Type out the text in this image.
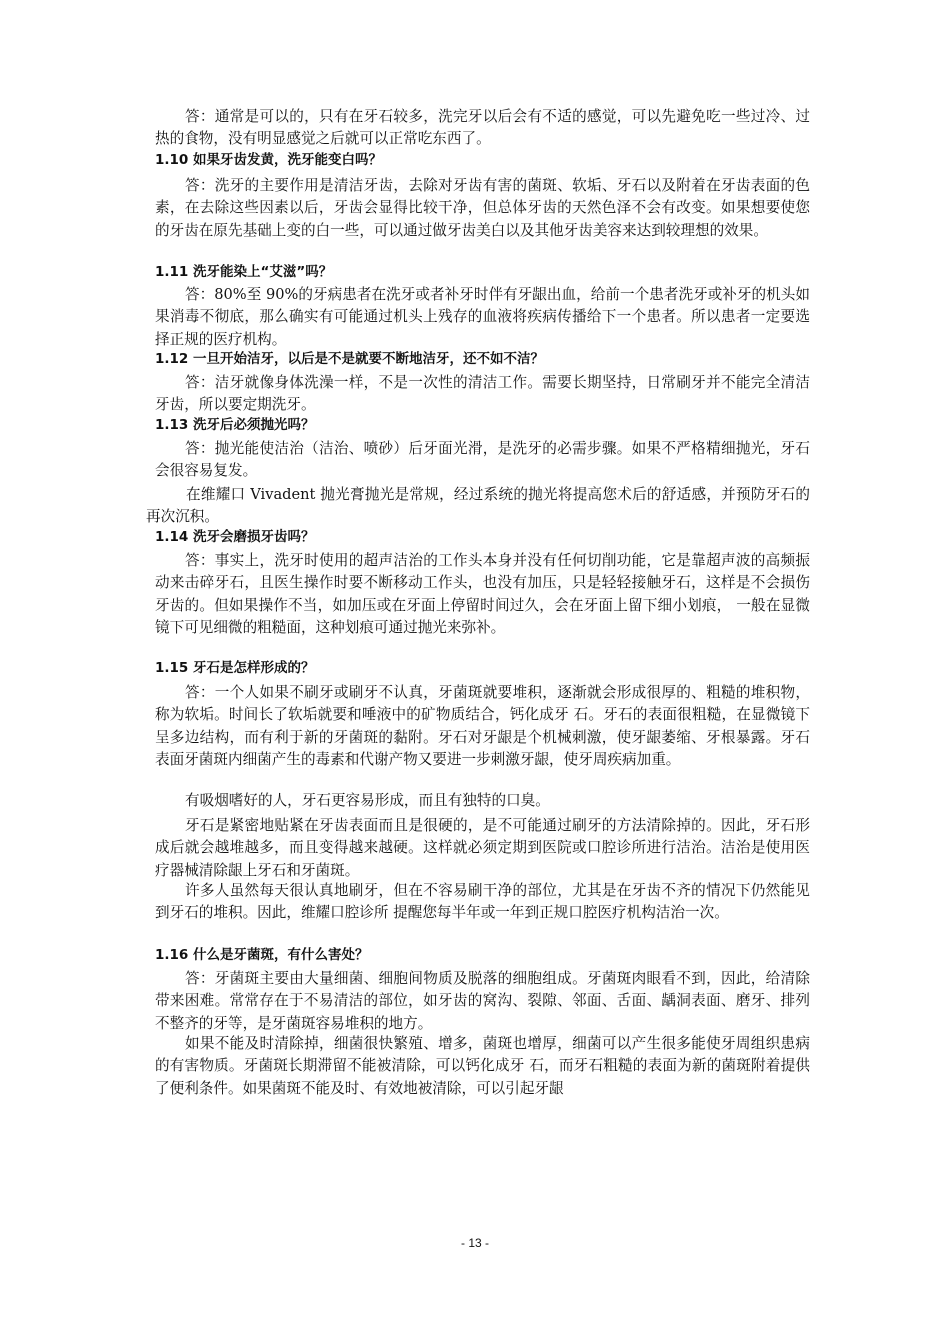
答：通常是可以的，只有在牙石较多，洗完牙以后会有不适的感觉，可以先避免吃一些过冷、过热的食物，没有明显感觉之后就可以正常吃东西了。

1.10 如果牙齿发黄，洗牙能变白吗？

答：洗牙的主要作用是清洁牙齿，去除对牙齿有害的菌斑、软垢、牙石以及附着在牙齿表面的色素，在去除这些因素以后，牙齿会显得比较干净，但总体牙齿的天然色泽不会有改变。如果想要使您的牙齿在原先基础上变的白一些，可以通过做牙齿美白以及其他牙齿美容来达到较理想的效果。

1.11 洗牙能染上“艾滋”吗？

答：80%至 90%的牙病患者在洗牙或者补牙时伴有牙龈出血，给前一个患者洗牙或补牙的机头如果消毒不彻底，那么确实有可能通过机头上残存的血液将疾病传播给下一个患者。所以患者一定要选择正规的医疗机构。

1.12 一旦开始洁牙，以后是不是就要不断地洁牙，还不如不洁？

答：洁牙就像身体洗澡一样，不是一次性的清洁工作。需要长期坚持，日常刷牙并不能完全清洁牙齿，所以要定期洗牙。

1.13 洗牙后必须抛光吗？

答：抛光能使洁治（洁治、喷砂）后牙面光滑，是洗牙的必需步骤。如果不严格精细抛光，牙石会很容易复发。

在维耀口 Vivadent 抛光膏抛光是常规，经过系统的抛光将提高您术后的舒适感，并预防牙石的再次沉积。

1.14 洗牙会磨损牙齿吗？

答：事实上，洗牙时使用的超声洁治的工作头本身并没有任何切削功能，它是靠超声波的高频振动来击碎牙石，且医生操作时要不断移动工作头，也没有加压，只是轻轻接触牙石，这样是不会损伤牙齿的。但如果操作不当，如加压或在牙面上停留时间过久，会在牙面上留下细小划痕， 一般在显微镜下可见细微的粗糙面，这种划痕可通过抛光来弥补。

1.15 牙石是怎样形成的？

答：一个人如果不刷牙或刷牙不认真，牙菌斑就要堆积，逐渐就会形成很厚的、粗糙的堆积物，称为软垢。时间长了软垢就要和唾液中的矿物质结合，钙化成牙 石。牙石的表面很粗糙，在显微镜下呈多边结构，而有利于新的牙菌斑的黏附。牙石对牙龈是个机械刺激，使牙龈萎缩、牙根暴露。牙石表面牙菌斑内细菌产生的毒素和代谢产物又要进一步刺激牙龈，使牙周疾病加重。

有吸烟嗜好的人，牙石更容易形成，而且有独特的口臭。

牙石是紧密地贴紧在牙齿表面而且是很硬的，是不可能通过刷牙的方法清除掉的。因此，牙石形成后就会越堆越多，而且变得越来越硬。这样就必须定期到医院或口腔诊所进行洁治。洁治是使用医疗器械清除龈上牙石和牙菌斑。

许多人虽然每天很认真地刷牙，但在不容易刷干净的部位，尤其是在牙齿不齐的情况下仍然能见到牙石的堆积。因此，维耀口腔诊所 提醒您每半年或一年到正规口腔医疗机构洁治一次。

1.16 什么是牙菌斑，有什么害处？

答：牙菌斑主要由大量细菌、细胞间物质及脱落的细胞组成。牙菌斑肉眼看不到，因此，给清除带来困难。常常存在于不易清洁的部位，如牙齿的窝沟、裂隙、邻面、舌面、龋洞表面、磨牙、排列不整齐的牙等，是牙菌斑容易堆积的地方。

如果不能及时清除掉，细菌很快繁殖、增多，菌斑也增厚，细菌可以产生很多能使牙周组织患病的有害物质。牙菌斑长期滞留不能被清除，可以钙化成牙 石，而牙石粗糙的表面为新的菌斑附着提供了便利条件。如果菌斑不能及时、有效地被清除，可以引起牙龈

- 13 -
